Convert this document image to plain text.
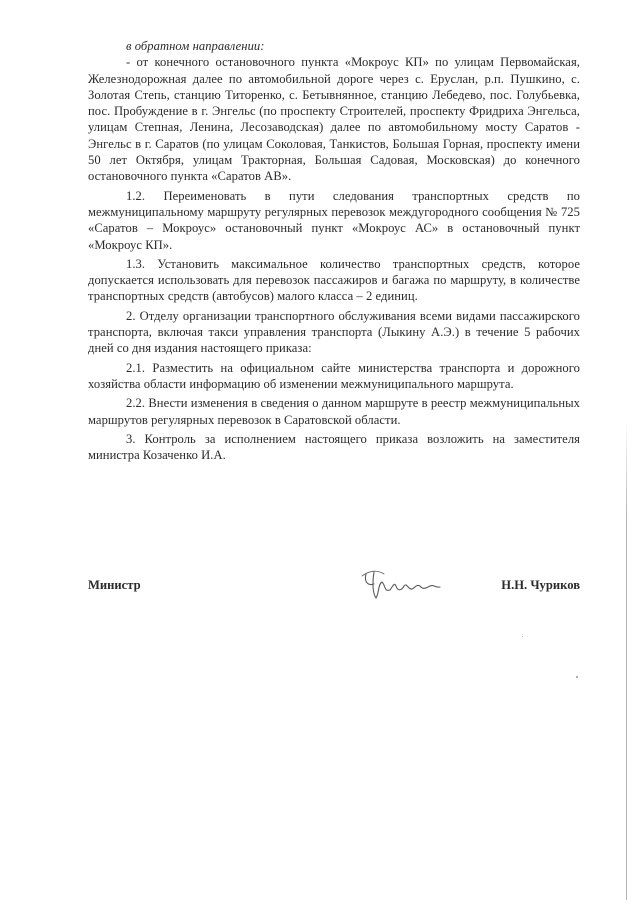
в обратном направлении:

- от конечного остановочного пункта «Мокроус КП» по улицам Первомайская, Железнодорожная далее по автомобильной дороге через с. Еруслан, р.п. Пушкино, с. Золотая Степь, станцию Титоренко, с. Бетывнянное, станцию Лебедево, пос. Голубьевка, пос. Пробуждение в г. Энгельс (по проспекту Строителей, проспекту Фридриха Энгельса, улицам Степная, Ленина, Лесозаводская) далее по автомобильному мосту Саратов - Энгельс в г. Саратов (по улицам Соколовая, Танкистов, Большая Горная, проспекту имени 50 лет Октября, улицам Тракторная, Большая Садовая, Московская) до конечного остановочного пункта «Саратов АВ».

1.2. Переименовать в пути следования транспортных средств по межмуниципальному маршруту регулярных перевозок междугородного сообщения № 725 «Саратов – Мокроус» остановочный пункт «Мокроус АС» в остановочный пункт «Мокроус КП».

1.3. Установить максимальное количество транспортных средств, которое допускается использовать для перевозок пассажиров и багажа по маршруту, в количестве транспортных средств (автобусов) малого класса – 2 единиц.

2. Отделу организации транспортного обслуживания всеми видами пассажирского транспорта, включая такси управления транспорта (Лыкину А.Э.) в течение 5 рабочих дней со дня издания настоящего приказа:

2.1. Разместить на официальном сайте министерства транспорта и дорожного хозяйства области информацию об изменении межмуниципального маршрута.

2.2. Внести изменения в сведения о данном маршруте в реестр межмуниципальных маршрутов регулярных перевозок в Саратовской области.

3. Контроль за исполнением настоящего приказа возложить на заместителя министра Козаченко И.А.

Министр	Н.Н. Чуриков
